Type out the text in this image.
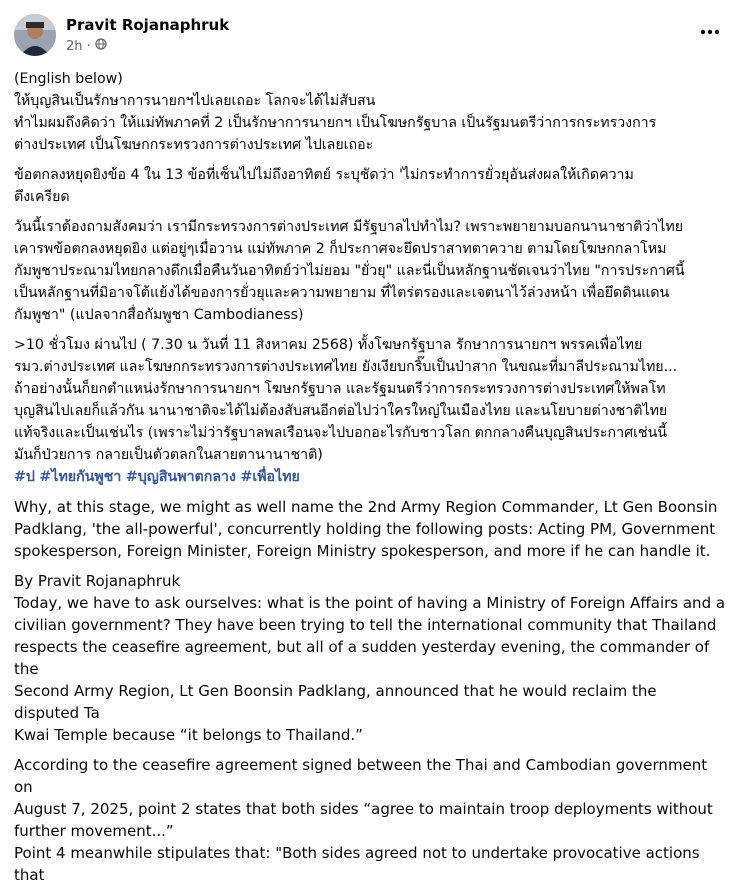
Pravit Rojanaphruk
2h ·

(English below)

ให้บุญสินเป็นรักษาการนายกฯไปเลยเถอะ โลกจะได้ไม่สับสน
ทำไมผมถึงคิดว่า ให้แม่ทัพภาคที่ 2 เป็นรักษาการนายกฯ เป็นโฆษกรัฐบาล เป็นรัฐมนตรีว่าการกระทรวงการ
ต่างประเทศ เป็นโฆษกกระทรวงการต่างประเทศ ไปเลยเถอะ

ข้อตกลงหยุดยิงข้อ 4 ใน 13 ข้อที่เซ็นไปไม่ถึงอาทิตย์ ระบุชัดว่า 'ไม่กระทำการยั่วยุอันส่งผลให้เกิดความ
ตึงเครียด

วันนี้เราต้องถามสังคมว่า เรามีกระทรวงการต่างประเทศ มีรัฐบาลไปทำไม? เพราะพยายามบอกนานาชาติว่าไทย
เคารพข้อตกลงหยุดยิง แต่อยู่ๆเมื่อวาน แม่ทัพภาค 2 ก็ประกาศจะยึดปราสาทตาควาย ตามโดยโฆษกกลาโหม
กัมพูชาประณามไทยกลางดึกเมื่อคืนวันอาทิตย์ว่าไม่ยอม "ยั่วยุ" และนี่เป็นหลักฐานชัดเจนว่าไทย "การประกาศนี้
เป็นหลักฐานที่มิอาจโต้แย้งได้ของการยั่วยุและความพยายาม ที่ไตร่ตรองและเจตนาไว้ล่วงหน้า เพื่อยึดดินแดน
กัมพูชา" (แปลจากสื่อกัมพูชา Cambodianess)

>10 ชั่วโมง ผ่านไป ( 7.30 น วันที่ 11 สิงหาคม 2568) ทั้งโฆษกรัฐบาล รักษาการนายกฯ พรรคเพื่อไทย
รมว.ต่างประเทศ และโฆษกกระทรวงการต่างประเทศไทย ยังเงียบกริ๊บเป็นป่าสาก ในขณะที่มาลีประณามไทย...
ถ้าอย่างนั้นก็ยกตำแหน่งรักษาการนายกฯ โฆษกรัฐบาล และรัฐมนตรีว่าการกระทรวงการต่างประเทศให้พลโท
บุญสินไปเลยก็แล้วกัน นานาชาติจะได้ไม่ต้องสับสนอีกต่อไปว่าใครใหญ่ในเมืองไทย และนโยบายต่างชาติไทย
แท้จริงและเป็นเช่นไร (เพราะไม่ว่ารัฐบาลพลเรือนจะไปบอกอะไรกับชาวโลก ตกกลางคืนบุญสินประกาศเช่นนี้
มันก็ป่วยการ กลายเป็นตัวตลกในสายตานานาชาติ)

#ป #ไทยกันพูชา #บุญสินพาตกลาง #เพื่อไทย

Why, at this stage, we might as well name the 2nd Army Region Commander, Lt Gen Boonsin
Padklang, 'the all-powerful', concurrently holding the following posts: Acting PM, Government
spokesperson, Foreign Minister, Foreign Ministry spokesperson, and more if he can handle it.

By Pravit Rojanaphruk

Today, we have to ask ourselves: what is the point of having a Ministry of Foreign Affairs and a
civilian government? They have been trying to tell the international community that Thailand
respects the ceasefire agreement, but all of a sudden yesterday evening, the commander of the
Second Army Region, Lt Gen Boonsin Padklang, announced that he would reclaim the disputed Ta
Kwai Temple because “it belongs to Thailand.”

According to the ceasefire agreement signed between the Thai and Cambodian government on
August 7, 2025, point 2 states that both sides “agree to maintain troop deployments without
further movement...”

Point 4 meanwhile stipulates that: "Both sides agreed not to undertake provocative actions that
